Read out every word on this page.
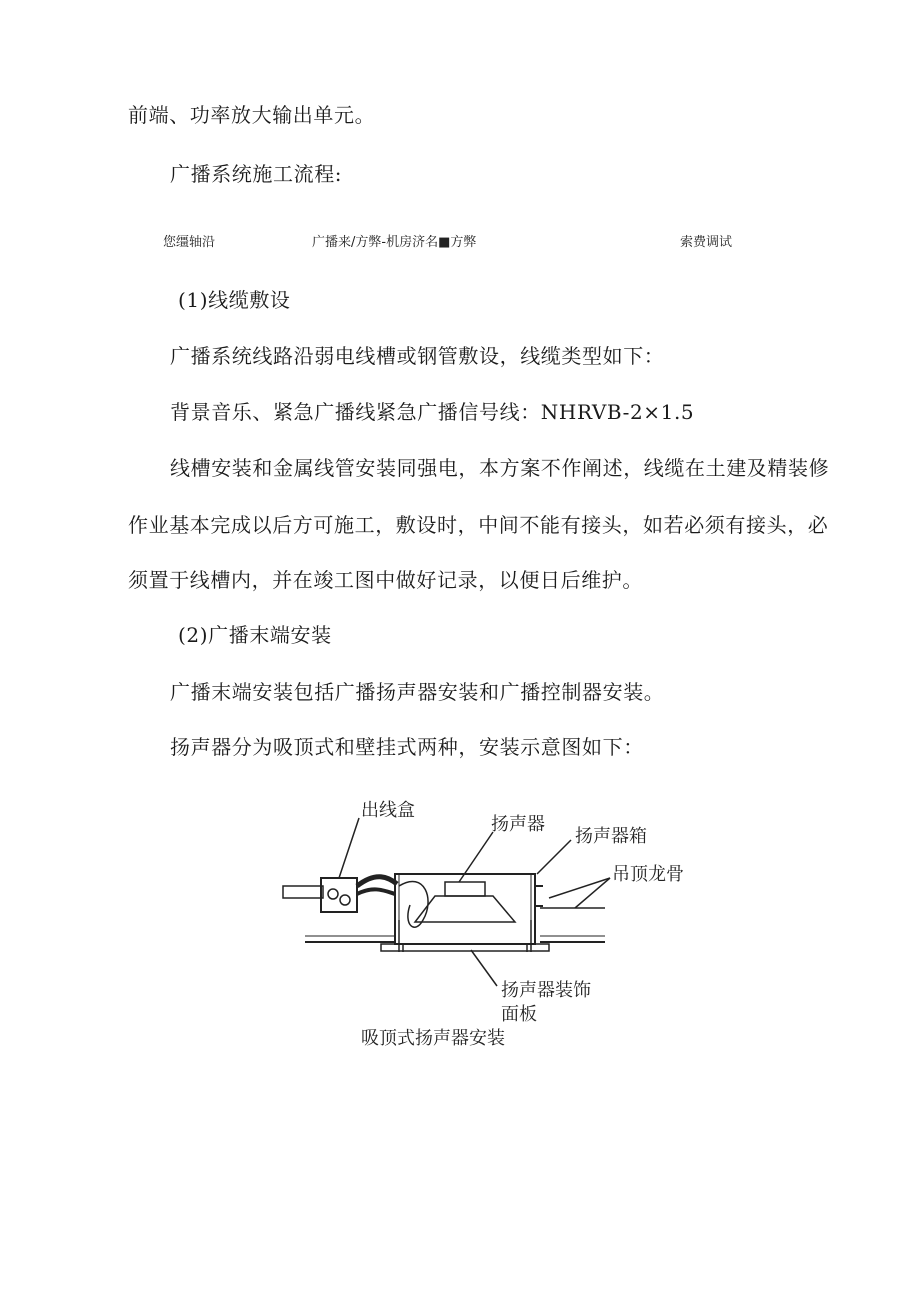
前端、功率放大输出单元。
广播系统施工流程:
您缰轴沿	广播来/方弊-机房济名■方弊	索费调试
(1)线缆敷设
广播系统线路沿弱电线槽或钢管敷设，线缆类型如下：
背景音乐、紧急广播线紧急广播信号线：NHRVB-2×1.5
线槽安装和金属线管安装同强电，本方案不作阐述，线缆在土建及精装修
作业基本完成以后方可施工，敷设时，中间不能有接头，如若必须有接头，必
须置于线槽内，并在竣工图中做好记录，以便日后维护。
(2)广播末端安装
广播末端安装包括广播扬声器安装和广播控制器安装。
扬声器分为吸顶式和壁挂式两种，安装示意图如下：
出线盒
扬声器
扬声器箱
吊顶龙骨
扬声器装饰
面板
吸顶式扬声器安装
